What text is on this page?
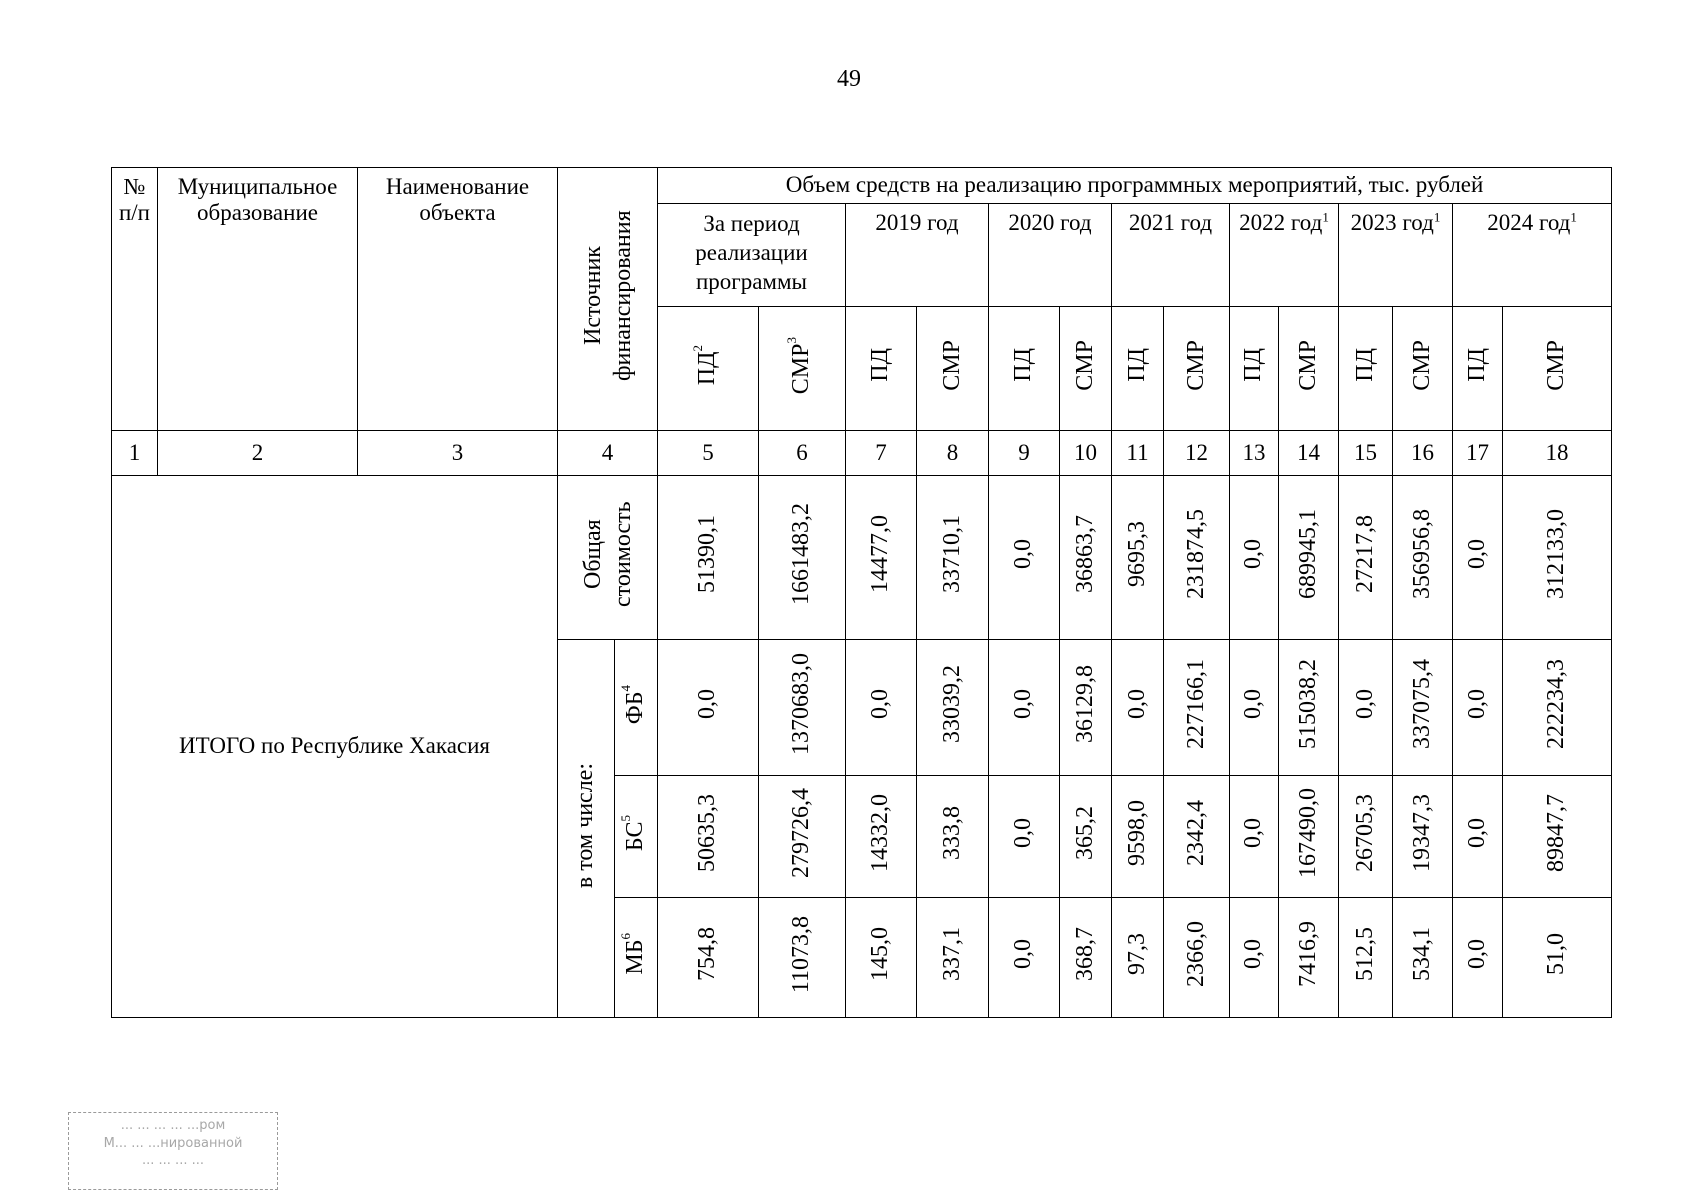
49
№ п/п	Муниципальное образование	Наименование объекта	Источник финансирования		Объем средств на реализацию программных мероприятий, тыс. рублей													
					За период реализации программы		2019 год		2020 год		2021 год		2022 год$^1$		2023 год$^1$		2024 год$^1$
					$ПД^2$	СМР$^3$	ПД	СМР	ПД	СМР	ПД	СМР	ПД	СМР	ПД	СМР	ПД	СМР
1	2	3	4		5	6	7	8	9	10	11	12	13	14	15	16	17	18
ИТОГО по Республике Хакасия			Общая стоимость		51390,1	1661483,2	14477,0	33710,1	0,0	36863,7	9695,3	231874,5	0,0	689945,1	27217,8	356956,8	0,0	312133,0
			в том числе:	$ФБ^4$	0,0	1370683,0	0,0	33039,2	0,0	36129,8	0,0	227166,1	0,0	515038,2	0,0	337075,4	0,0	222234,3
				$БС^5$	50635,3	279726,4	14332,0	333,8	0,0	365,2	9598,0	2342,4	0,0	167490,0	26705,3	19347,3	0,0	89847,7
				$МБ^6$	754,8	11073,8	145,0	337,1	0,0	368,7	97,3	2366,0	0,0	7416,9	512,5	534,1	0,0	51,0
... ... ... ... ...ром
М... ... ...нированной
... ... ... ...
